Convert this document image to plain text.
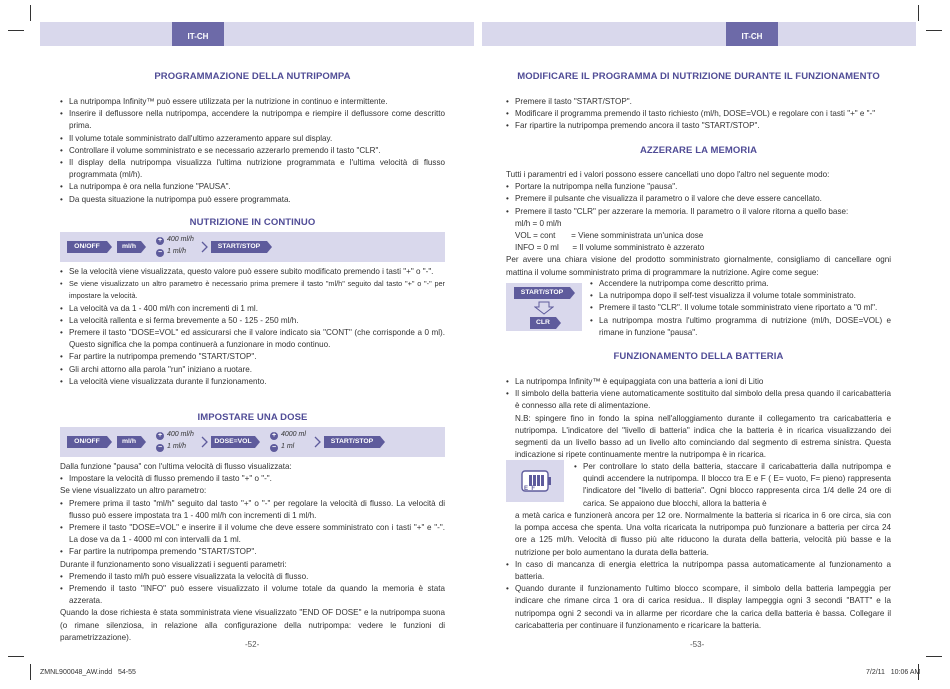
IT-CH	IT-CH
PROGRAMMAZIONE DELLA NUTRIPOMPA

• La nutripompa Infinity™ può essere utilizzata per la nutrizione in continuo e intermittente.

• Inserire il deflussore nella nutripompa, accendere la nutripompa e riempire il deflussore come descritto prima.

• Il volume totale somministrato dall'ultimo azzeramento appare sul display.

• Controllare il volume somministrato e se necessario azzerarlo premendo il tasto "CLR".

• Il display della nutripompa visualizza l'ultima nutrizione programmata e l'ultima velocità di flusso programmata (ml/h).

• La nutripompa è ora nella funzione "PAUSA".

• Da questa situazione la nutripompa può essere programmata.

NUTRIZIONE IN CONTINUO
ON/OFF	ml/h
+
−
400 ml/h
1 ml/h
START/STOP

• Se la velocità viene visualizzata, questo valore può essere subito modificato premendo i tasti "+" o "-".

• Se viene visualizzato un altro parametro è necessario prima premere il tasto "ml/h" seguito dal tasto "+" o "-" per impostare la velocità.

• La velocità va da 1 - 400 ml/h con incrementi di 1 ml.

• La velocità rallenta e si ferma brevemente a 50 - 125 - 250 ml/h.

• Premere il tasto "DOSE=VOL" ed assicurarsi che il valore indicato sia "CONT" (che corrisponde a 0 ml). Questo significa che la pompa continuerà a funzionare in modo continuo.

• Far partire la nutripompa premendo "START/STOP".

• Gli archi attorno alla parola "run" iniziano a ruotare.

• La velocità viene visualizzata durante il funzionamento.

IMPOSTARE UNA DOSE
ON/OFF	ml/h
+
−
400 ml/h
1 ml/h
DOSE=VOL
+
−
4000 ml
1 ml
START/STOP

Dalla funzione "pausa" con l'ultima velocità di flusso visualizzata:

• Impostare la velocità di flusso premendo il tasto "+" o "-".

Se viene visualizzato un altro parametro:

• Premere prima il tasto "ml/h" seguito dal tasto "+" o "-" per regolare la velocità di flusso. La velocità di flusso può essere impostata tra 1 - 400 ml/h con incrementi di 1 ml/h.

• Premere il tasto "DOSE=VOL" e inserire il il volume che deve essere somministrato con i tasti "+" e "-". La dose va da 1 - 4000 ml con intervalli da 1 ml.

• Far partire la nutripompa premendo "START/STOP".

Durante il funzionamento sono visualizzati i seguenti parametri:

• Premendo il tasto ml/h può essere visualizzata la velocità di flusso.

• Premendo il tasto "INFO" può essere visualizzato il volume totale da quando la memoria è stata azzerata.

Quando la dose richiesta è stata somministrata viene visualizzato "END OF DOSE" e la nutripompa suona (o rimane silenziosa, in relazione alla configurazione della nutripompa: vedere le funzioni di parametrizzazione).

-52-
MODIFICARE IL PROGRAMMA DI NUTRIZIONE DURANTE IL FUNZIONAMENTO

• Premere il tasto "START/STOP".

• Modificare il programma premendo il tasto richiesto (ml/h, DOSE=VOL) e regolare con i tasti "+" e "-"

• Far ripartire la nutripompa premendo ancora il tasto "START/STOP".

AZZERARE LA MEMORIA

Tutti i paramentri ed i valori possono essere cancellati uno dopo l'altro nel seguente modo:

• Portare la nutripompa nella funzione "pausa".

• Premere il pulsante che visualizza il parametro o il valore che deve essere cancellato.

• Premere il tasto "CLR" per azzerare la memoria. Il parametro o il valore ritorna a quello base:

ml/h = 0 ml/h

VOL = cont       = Viene somministrata un'unica dose

INFO = 0 ml      = Il volume somministrato è azzerato

Per avere una chiara visione del prodotto somministrato giornalmente, consigliamo di cancellare ogni mattina il volume somministrato prima di programmare la nutrizione. Agire come segue:

START/STOP
CLR

• Accendere la nutripompa come descritto prima.

• La nutripompa dopo il self-test visualizza il volume totale somministrato.

• Premere il tasto "CLR". Il volume totale somministrato viene riportato a "0 ml".

• La nutripompa mostra l'ultimo programma di nutrizione (ml/h, DOSE=VOL) e rimane in funzione "pausa".

FUNZIONAMENTO DELLA BATTERIA

• La nutripompa Infinity™ è equipaggiata con una batteria a ioni di Litio

• Il simbolo della batteria viene automaticamente sostituito dal simbolo della presa quando il caricabatteria è connesso alla rete di alimentazione.

N.B: spingere fino in fondo la spina nell'alloggiamento durante il collegamento tra caricabatteria e nutripompa. L'indicatore del "livello di batteria" indica che la batteria è in ricarica visualizzando dei segmenti da un livello basso ad un livello alto cominciando dal segmento di estrema sinistra. Questa indicazione si ripete continuamente mentre la nutripompa è in ricarica.

E  F

• Per controllare lo stato della batteria, staccare il caricabatteria dalla nutripompa e quindi accendere la nutripompa. Il blocco tra E e F ( E= vuoto, F= pieno) rappresenta l'indicatore del "livello di batteria". Ogni blocco rappresenta circa 1/4 delle 24 ore di carica. Se appaiono due blocchi, allora la batteria è

a metà carica e funzionerà ancora per 12 ore. Normalmente la batteria si ricarica in 6 ore circa, sia con la pompa accesa che spenta. Una volta ricaricata la nutripompa può funzionare a batteria per circa 24 ore a 125 ml/h. Velocità di flusso più alte riducono la durata della batteria, velocità più basse e la nutrizione per bolo aumentano la durata della batteria.

• In caso di mancanza di energia elettrica la nutripompa passa automaticamente al funzionamento a batteria.

• Quando durante il funzionamento l'ultimo blocco scompare, il simbolo della batteria lampeggia per indicare che rimane circa 1 ora di carica residua.. Il display lampeggia ogni 3 secondi "BATT" e la nutripompa ogni 2 secondi va in allarme per ricordare che la carica della batteria è bassa. Collegare il caricabatteria per continuare il funzionamento e ricaricare la batteria.

-53-
ZMNL900048_AW.indd   54-55	7/2/11   10:06 AM
